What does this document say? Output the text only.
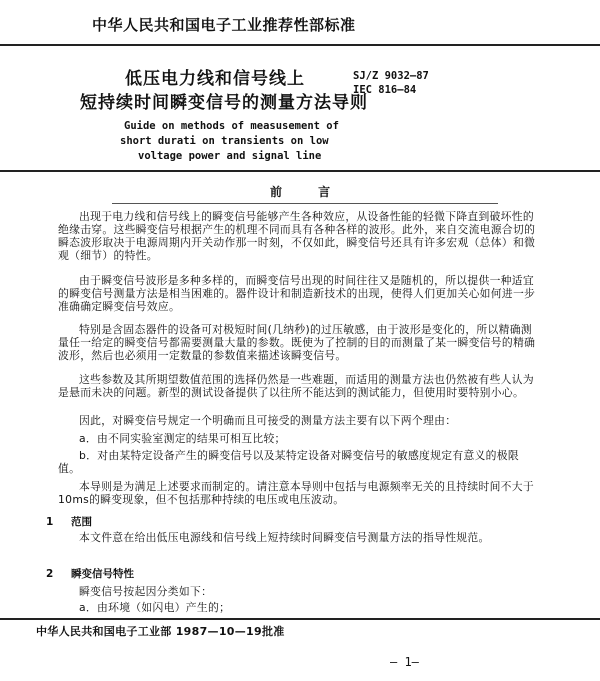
中华人民共和国电子工业推荐性部标准
低压电力线和信号线上
短持续时间瞬变信号的测量方法导则
SJ/Z 9032—87
IEC 816—84
Guide on methods of measusement of
short durati on transients on low
voltage power and signal line
前 言
出现于电力线和信号线上的瞬变信号能够产生各种效应，从设备性能的轻微下降直到破坏性的绝缘击穿。这些瞬变信号根据产生的机理不同而具有各种各样的波形。此外，来自交流电源合切的瞬态波形取决于电源周期内开关动作那一时刻，不仅如此，瞬变信号还具有许多宏观（总体）和微观（细节）的特性。
由于瞬变信号波形是多种多样的，而瞬变信号出现的时间往往又是随机的，所以提供一种适宜的瞬变信号测量方法是相当困难的。器件设计和制造新技术的出现，使得人们更加关心如何进一步准确确定瞬变信号效应。
特别是含固态器件的设备可对极短时间(几纳秒)的过压敏感，由于波形是变化的，所以精确测量任一给定的瞬变信号都需要测量大量的参数。既使为了控制的目的而测量了某一瞬变信号的精确波形，然后也必须用一定数量的参数值来描述该瞬变信号。
这些参数及其所期望数值范围的选择仍然是一些难题，而适用的测量方法也仍然被有些人认为是悬而未决的问题。新型的测试设备提供了以往所不能达到的测试能力，但使用时要特别小心。
因此，对瞬变信号规定一个明确而且可接受的测量方法主要有以下两个理由：
a．由不同实验室测定的结果可相互比较；
b．对由某特定设备产生的瞬变信号以及某特定设备对瞬变信号的敏感度规定有意义的极限值。
本导则是为满足上述要求而制定的。请注意本导则中包括与电源频率无关的且持续时间不大于10ms的瞬变现象，但不包括那种持续的电压或电压波动。
1 范围
本文件意在给出低压电源线和信号线上短持续时间瞬变信号测量方法的指导性规范。
2 瞬变信号特性
瞬变信号按起因分类如下：
a．由环境（如闪电）产生的；
中华人民共和国电子工业部 1987—10—19批准
— 1—
